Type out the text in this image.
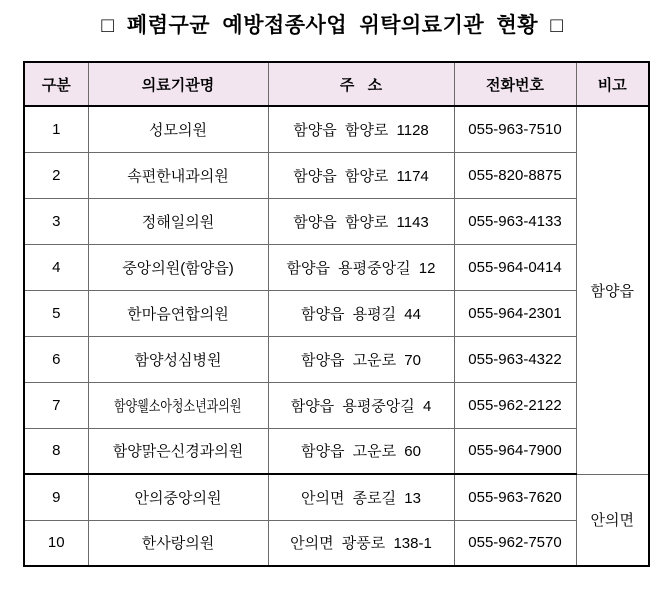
□ 폐렴구균 예방접종사업 위탁의료기관 현황 □
구분	의료기관명	주 소	전화번호	비고
1	성모의원	함양읍 함양로 1128	055-963-7510	함양읍
2	속편한내과의원	함양읍 함양로 1174	055-820-8875	
3	정해일의원	함양읍 함양로 1143	055-963-4133	
4	중앙의원(함양읍)	함양읍 용평중앙길 12	055-964-0414	
5	한마음연합의원	함양읍 용평길 44	055-964-2301	
6	함양성심병원	함양읍 고운로 70	055-963-4322	
7	함양웰소아청소년과의원	함양읍 용평중앙길 4	055-962-2122	
8	함양맑은신경과의원	함양읍 고운로 60	055-964-7900	
9	안의중앙의원	안의면 종로길 13	055-963-7620	안의면
10	한사랑의원	안의면 광풍로 138-1	055-962-7570	
